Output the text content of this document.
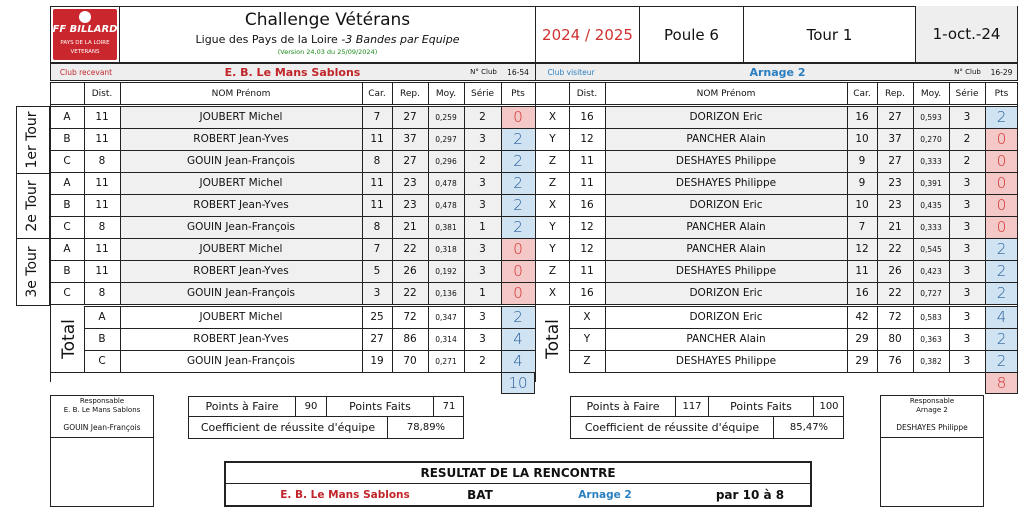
FF BILLARD
PAYS DE LA LOIRE
VETERANS
Challenge Vétérans
Ligue des Pays de la Loire - 3 Bandes par Equipe
(Version 24,03 du 25/09/2024)
2024 / 2025	Poule 6	Tour 1	1-oct.-24
Club recevant	E. B. Le Mans Sablons	N° Club	16-54	Club visiteur	Arnage 2	N° Club	16-29
Dist.	NOM Prénom	Car.	Rep.	Moy.	Série	Pts	Dist.	NOM Prénom	Car.	Rep.	Moy.	Série	Pts
A	11	JOUBERT Michel	7	27	0,259	2	0	X	16	DORIZON Eric	16	27	0,593	3	2
B	11	ROBERT Jean-Yves	11	37	0,297	3	2	Y	12	PANCHER Alain	10	37	0,270	2	0
C	8	GOUIN Jean-François	8	27	0,296	2	2	Z	11	DESHAYES Philippe	9	27	0,333	2	0
A	11	JOUBERT Michel	11	23	0,478	3	2	Z	11	DESHAYES Philippe	9	23	0,391	3	0
B	11	ROBERT Jean-Yves	11	23	0,478	3	2	X	16	DORIZON Eric	10	23	0,435	3	0
C	8	GOUIN Jean-François	8	21	0,381	1	2	Y	12	PANCHER Alain	7	21	0,333	3	0
A	11	JOUBERT Michel	7	22	0,318	3	0	Y	12	PANCHER Alain	12	22	0,545	3	2
B	11	ROBERT Jean-Yves	5	26	0,192	3	0	Z	11	DESHAYES Philippe	11	26	0,423	3	2
C	8	GOUIN Jean-François	3	22	0,136	1	0	X	16	DORIZON Eric	16	22	0,727	3	2
A	JOUBERT Michel	25	72	0,347	3	2	X	DORIZON Eric	42	72	0,583	3	4
B	ROBERT Jean-Yves	27	86	0,314	3	4	Y	PANCHER Alain	29	80	0,363	3	2
C	GOUIN Jean-François	19	70	0,271	2	4	Z	DESHAYES Philippe	29	76	0,382	3	2
10	8
1er Tour
2e Tour
3e Tour
Total	Total
Responsable
E. B. Le Mans Sablons
GOUIN Jean-François
Points à Faire	90	Points Faits	71
Coefficient de réussite d'équipe	78,89%
Points à Faire	117	Points Faits	100
Coefficient de réussite d'équipe	85,47%
Responsable
Arnage 2
DESHAYES Philippe
RESULTAT DE LA RENCONTRE
E. B. Le Mans Sablons	BAT	Arnage 2	par 10 à 8
